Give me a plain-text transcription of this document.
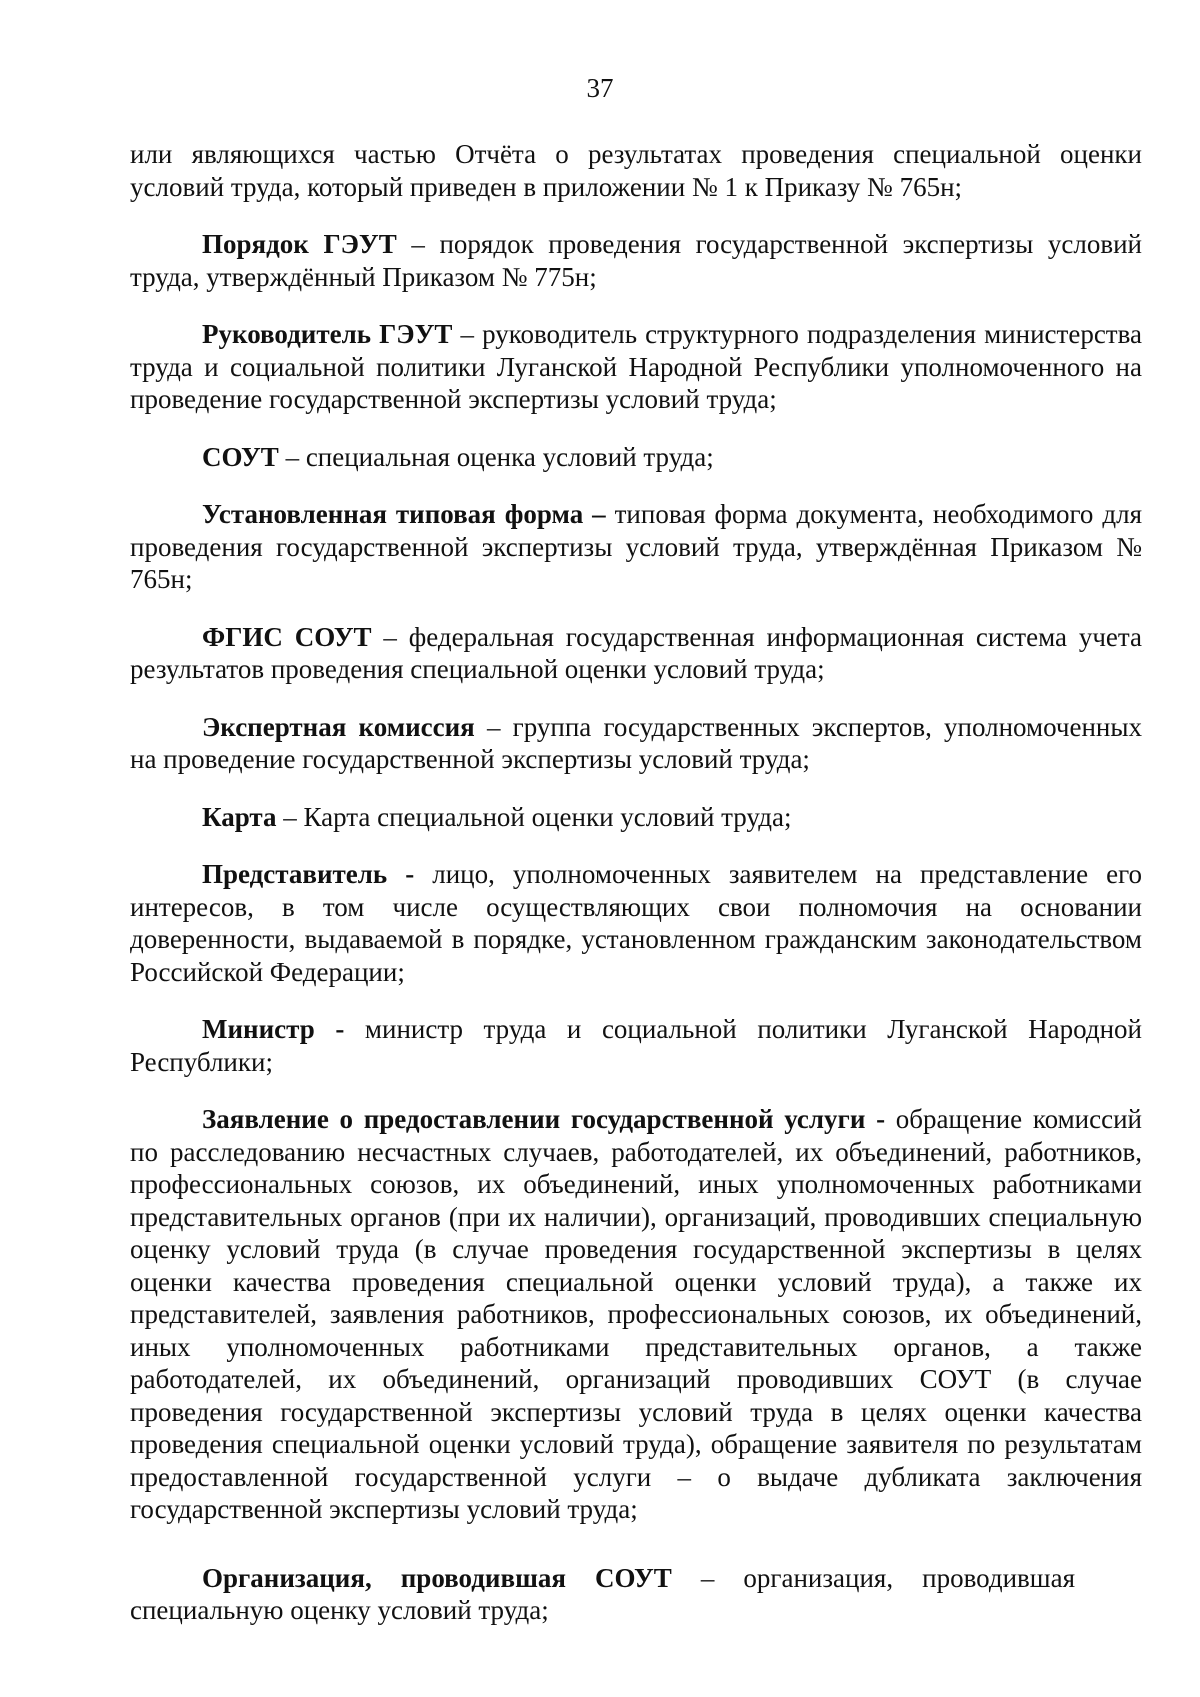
37

или являющихся частью Отчёта о результатах проведения специальной оценки условий труда, который приведен в приложении № 1 к Приказу № 765н;

Порядок ГЭУТ – порядок проведения государственной экспертизы условий труда, утверждённый Приказом № 775н;

Руководитель ГЭУТ – руководитель структурного подразделения министерства труда и социальной политики Луганской Народной Республики уполномоченного на проведение государственной экспертизы условий труда;

СОУТ – специальная оценка условий труда;

Установленная типовая форма – типовая форма документа, необходимого для проведения государственной экспертизы условий труда, утверждённая Приказом № 765н;

ФГИС СОУТ – федеральная государственная информационная система учета результатов проведения специальной оценки условий труда;

Экспертная комиссия – группа государственных экспертов, уполномоченных на проведение государственной экспертизы условий труда;

Карта – Карта специальной оценки условий труда;

Представитель - лицо, уполномоченных заявителем на представление его интересов, в том числе осуществляющих свои полномочия на основании доверенности, выдаваемой в порядке, установленном гражданским законодательством Российской Федерации;

Министр - министр труда и социальной политики Луганской Народной Республики;

Заявление о предоставлении государственной услуги - обращение комиссий по расследованию несчастных случаев, работодателей, их объединений, работников, профессиональных союзов, их объединений, иных уполномоченных работниками представительных органов (при их наличии), организаций, проводивших специальную оценку условий труда (в случае проведения государственной экспертизы в целях оценки качества проведения специальной оценки условий труда), а также их представителей, заявления работников, профессиональных союзов, их объединений, иных уполномоченных работниками представительных органов, а также работодателей, их объединений, организаций проводивших СОУТ (в случае проведения государственной экспертизы условий труда в целях оценки качества проведения специальной оценки условий труда), обращение заявителя по результатам предоставленной государственной услуги – о выдаче дубликата заключения государственной экспертизы условий труда;

Организация, проводившая СОУТ – организация, проводившая специальную оценку условий труда;
